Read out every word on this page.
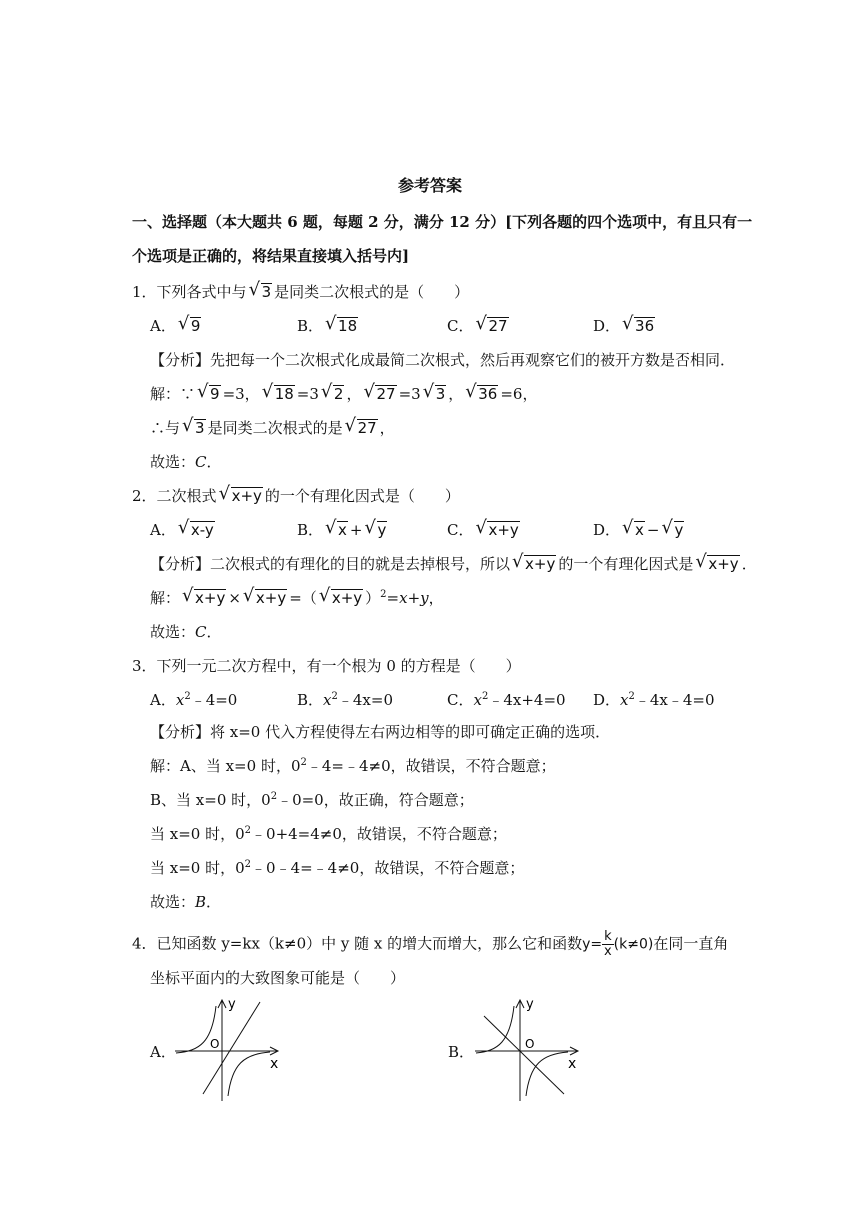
参考答案
一、选择题（本大题共 6 题，每题 2 分，满分 12 分）[下列各题的四个选项中，有且只有一
个选项是正确的，将结果直接填入括号内]
1．下列各式中与 √ 3 是同类二次根式的是（　　）
A． √ 9	B． √ 18	C． √ 27	D． √ 36
【分析】先把每一个二次根式化成最简二次根式，然后再观察它们的被开方数是否相同．
解：∵ √ 9 =3， √ 18 =3 √ 2 ， √ 27 =3 √ 3 ， √ 36 =6，
∴与 √ 3 是同类二次根式的是 √ 27 ，
故选：C．
2．二次根式 √ x+y 的一个有理化因式是（　　）
A． √ x-y	B． √ x + √ y	C． √ x+y	D． √ x − √ y
【分析】二次根式的有理化的目的就是去掉根号，所以 √ x+y 的一个有理化因式是 √ x+y ．
解： √ x+y × √ x+y =（ √ x+y ）$^2$=x+y，
故选：C．
3．下列一元二次方程中，有一个根为 0 的方程是（　　）
A．$x^2﹣4=0$	B．$x^2﹣4x=0$	C．$x^2﹣4x+4=0$ D．$x^2﹣4x﹣4=0$
【分析】将 x=0 代入方程使得左右两边相等的即可确定正确的选项．
解：A、当 x=0 时，$0^2﹣4=﹣4\ne 0$，故错误，不符合题意；
B、当 x=0 时，$0^2﹣0=0$，故正确，符合题意；
当 x=0 时，$0^2﹣0+4=4\ne 0$，故错误，不符合题意；
当 x=0 时，$0^2﹣0﹣4=﹣4\ne 0$，故错误，不符合题意；
故选：B．
4．已知函数 y=kx（k≠0）中 y 随 x 的增大而增大，那么它和函数$y= \frac{k}{x} (k\ne 0)$在同一直角
坐标平面内的大致图象可能是（　　）
A．
y
x
O	B．
y
x
O
